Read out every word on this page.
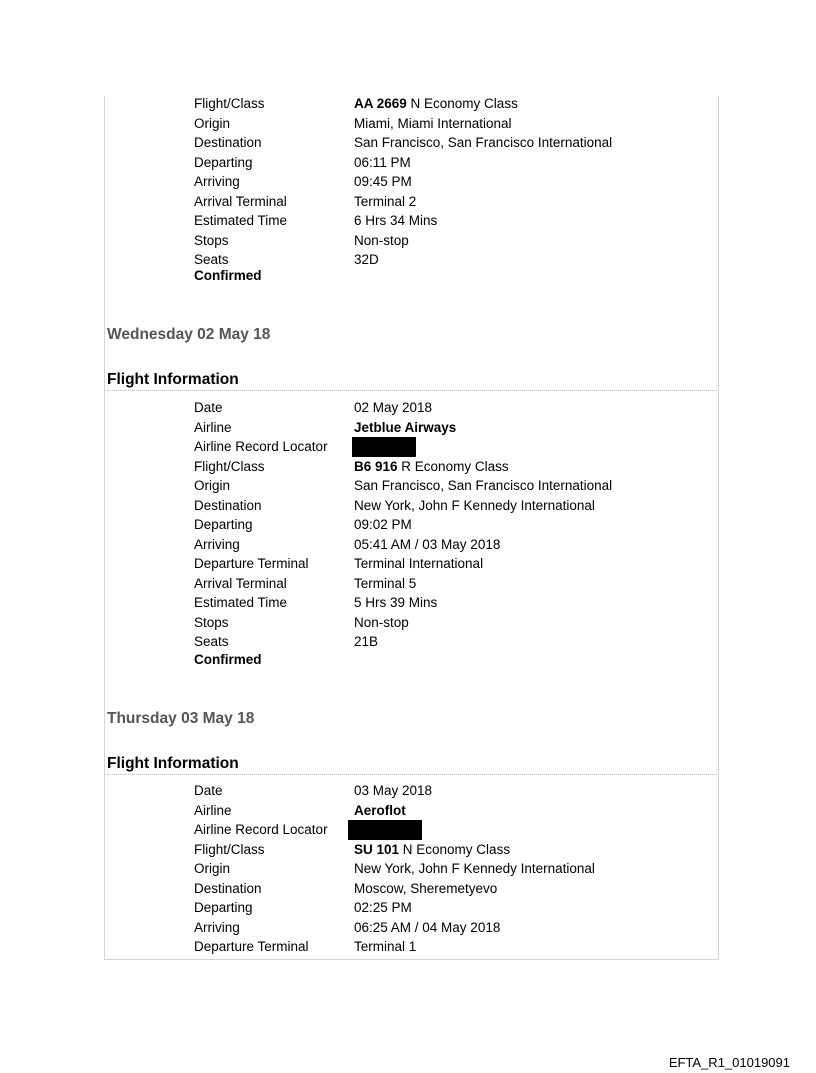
Flight/Class	AA 2669 N Economy Class
Origin	Miami, Miami International
Destination	San Francisco, San Francisco International
Departing	06:11 PM
Arriving	09:45 PM
Arrival Terminal	Terminal 2
Estimated Time	6 Hrs 34 Mins
Stops	Non-stop
Seats	32D
Confirmed
Wednesday 02 May 18
Flight Information
Date	02 May 2018
Airline	Jetblue Airways
Airline Record Locator
Flight/Class	B6 916 R Economy Class
Origin	San Francisco, San Francisco International
Destination	New York, John F Kennedy International
Departing	09:02 PM
Arriving	05:41 AM / 03 May 2018
Departure Terminal	Terminal International
Arrival Terminal	Terminal 5
Estimated Time	5 Hrs 39 Mins
Stops	Non-stop
Seats	21B
Confirmed
Thursday 03 May 18
Flight Information
Date	03 May 2018
Airline	Aeroflot
Airline Record Locator
Flight/Class	SU 101 N Economy Class
Origin	New York, John F Kennedy International
Destination	Moscow, Sheremetyevo
Departing	02:25 PM
Arriving	06:25 AM / 04 May 2018
Departure Terminal	Terminal 1
EFTA_R1_01019091
